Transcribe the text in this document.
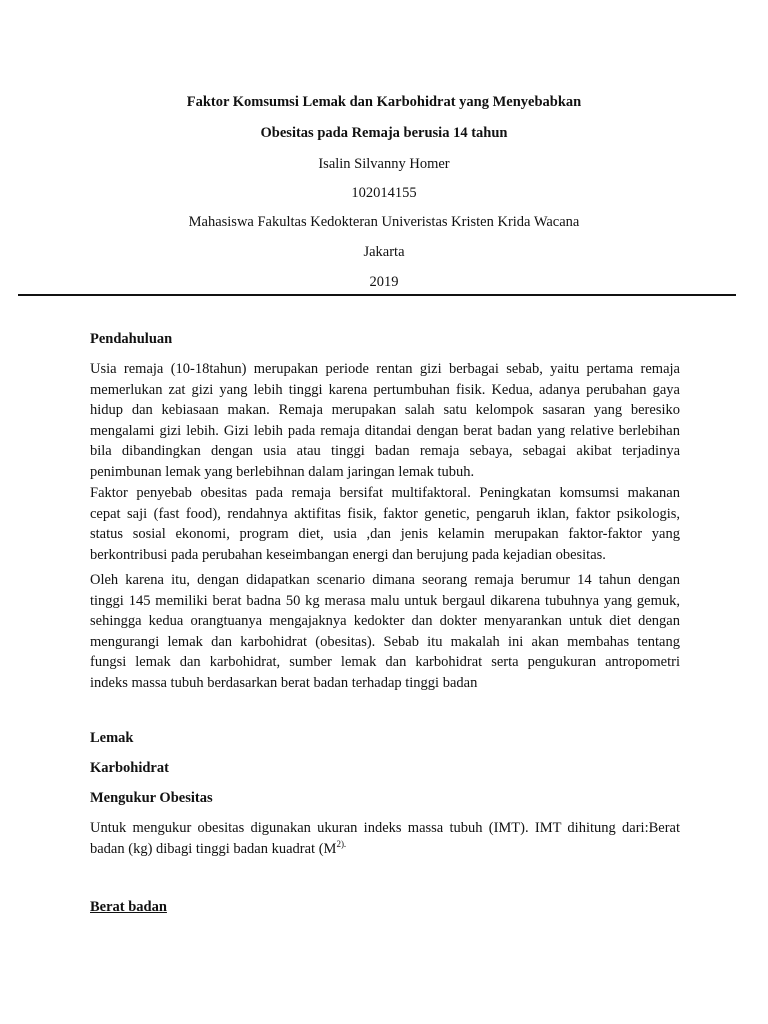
Faktor Komsumsi Lemak dan Karbohidrat yang Menyebabkan
Obesitas pada Remaja berusia 14 tahun
Isalin Silvanny Homer
102014155
Mahasiswa Fakultas Kedokteran Univeristas Kristen Krida Wacana
Jakarta
2019
Pendahuluan
Usia remaja (10-18tahun) merupakan periode rentan gizi berbagai sebab, yaitu pertama remaja
memerlukan zat gizi yang lebih tinggi karena pertumbuhan fisik. Kedua, adanya perubahan gaya
hidup dan kebiasaan makan. Remaja merupakan salah satu kelompok sasaran yang beresiko
mengalami gizi lebih. Gizi lebih pada remaja ditandai dengan berat badan yang relative berlebihan
bila dibandingkan dengan usia atau tinggi badan remaja sebaya, sebagai akibat terjadinya
penimbunan lemak yang berlebihnan dalam jaringan lemak tubuh.
Faktor penyebab obesitas pada remaja bersifat multifaktoral. Peningkatan komsumsi makanan
cepat saji (fast food), rendahnya aktifitas fisik, faktor genetic, pengaruh iklan, faktor psikologis,
status sosial ekonomi, program diet, usia ,dan jenis kelamin merupakan faktor-faktor yang
berkontribusi pada perubahan keseimbangan energi dan berujung pada kejadian obesitas.
Oleh karena itu, dengan didapatkan scenario dimana seorang remaja berumur 14 tahun dengan
tinggi 145 memiliki berat badna 50 kg merasa malu untuk bergaul dikarena tubuhnya yang gemuk,
sehingga kedua orangtuanya mengajaknya kedokter dan dokter menyarankan untuk diet dengan
mengurangi lemak dan karbohidrat (obesitas). Sebab itu makalah ini akan membahas tentang
fungsi lemak dan karbohidrat, sumber lemak dan karbohidrat serta pengukuran antropometri
indeks massa tubuh berdasarkan berat badan terhadap tinggi badan
Lemak
Karbohidrat
Mengukur Obesitas
Untuk mengukur obesitas digunakan ukuran indeks massa tubuh (IMT). IMT dihitung dari:Berat
badan (kg) dibagi tinggi badan kuadrat ($M^{2).}$
Berat badan
